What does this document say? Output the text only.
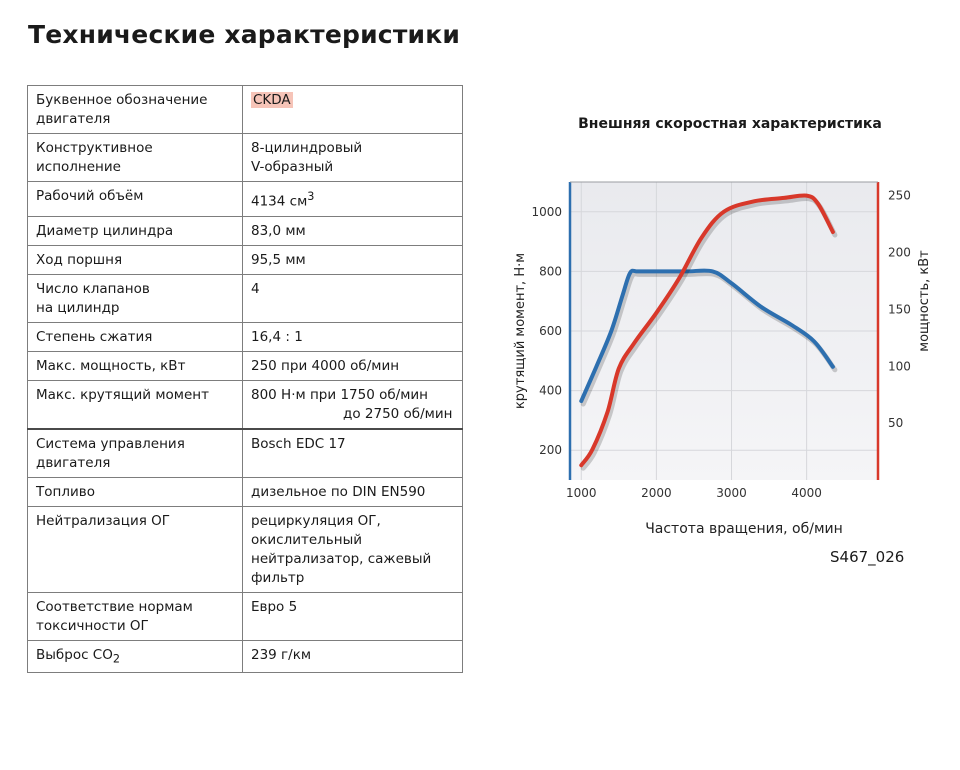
Технические характеристики
Буквенное обозначение
двигателя	CKDA
Конструктивное
исполнение	8-цилиндровый
V-образный
Рабочий объём	4134 $см^3$
Диаметр цилиндра	83,0 мм
Ход поршня	95,5 мм
Число клапанов
на цилиндр	4
Степень сжатия	16,4 : 1
Макс. мощность, кВт	250 при 4000 об/мин
Макс. крутящий момент	800 Н·м при 1750 об/мин
до 2750 об/мин
Система управления
двигателя	Bosch EDC 17
Топливо	дизельное по DIN EN590
Нейтрализация ОГ	рециркуляция ОГ,
окислительный
нейтрализатор, сажевый
фильтр
Соответствие нормам
токсичности ОГ	Евро 5
Выброс $CO_2$	239 г/км
Внешняя скоростная характеристика
200
400
600
800
1000
50
100
150
200
250
1000	2000	3000	4000
крутящий момент, Н·м	мощность, кВт
Частота вращения, об/мин
S467_026
